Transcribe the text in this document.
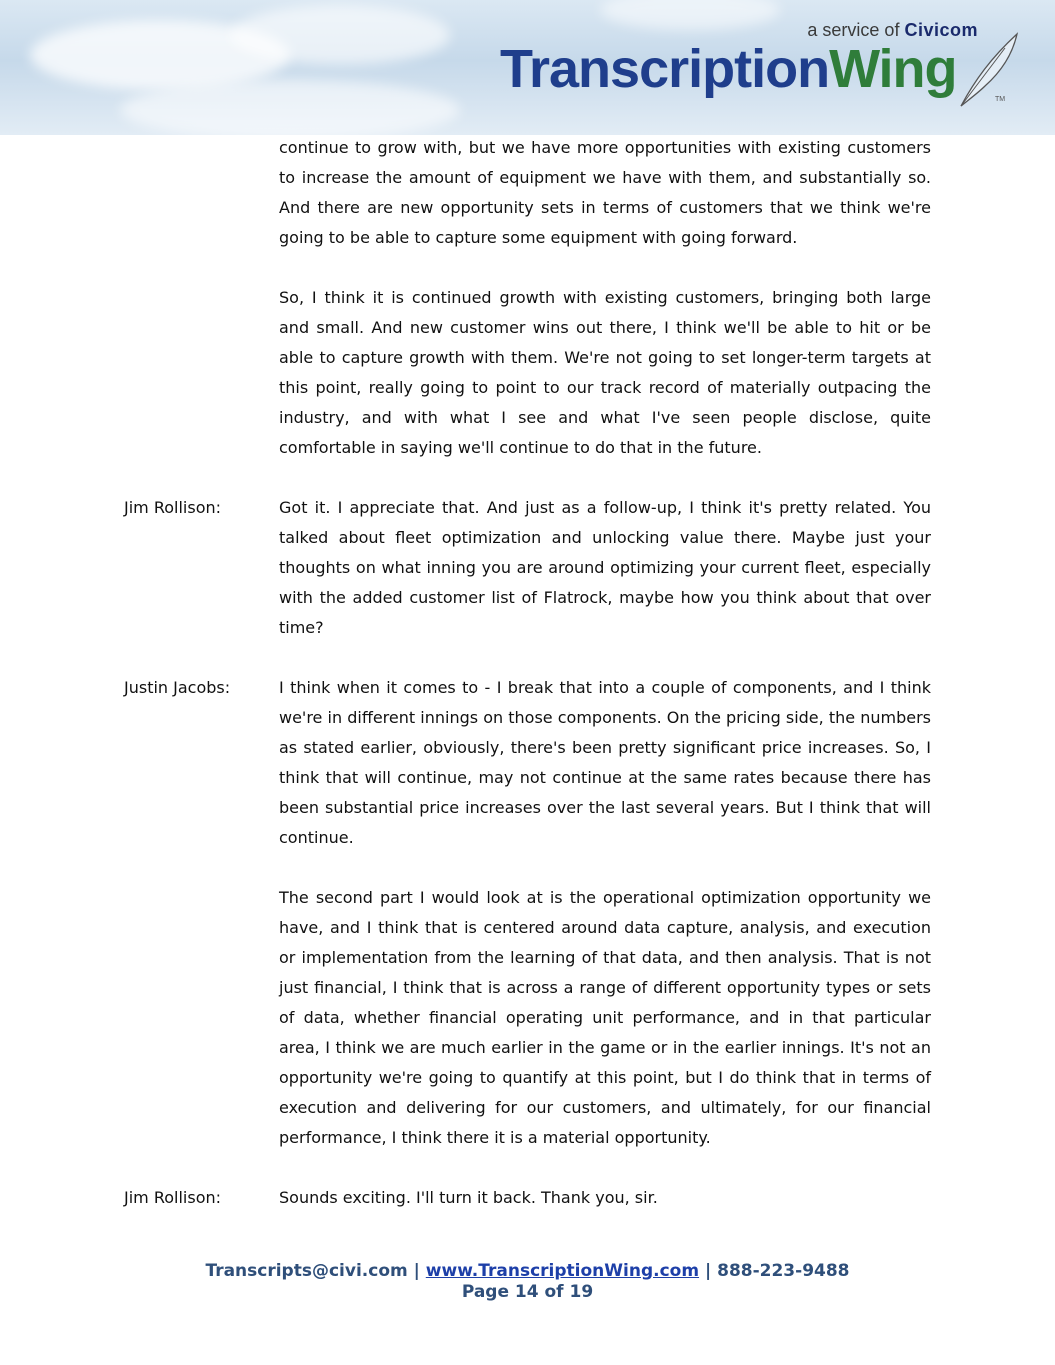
a service of Civicom
TranscriptionWing
TM

continue to grow with, but we have more opportunities with existing customers to increase the amount of equipment we have with them, and substantially so. And there are new opportunity sets in terms of customers that we think we're going to be able to capture some equipment with going forward.

So, I think it is continued growth with existing customers, bringing both large and small. And new customer wins out there, I think we'll be able to hit or be able to capture growth with them. We're not going to set longer-term targets at this point, really going to point to our track record of materially outpacing the industry, and with what I see and what I've seen people disclose, quite comfortable in saying we'll continue to do that in the future.

Jim Rollison:	Got it. I appreciate that. And just as a follow-up, I think it's pretty related. You talked about fleet optimization and unlocking value there. Maybe just your thoughts on what inning you are around optimizing your current fleet, especially with the added customer list of Flatrock, maybe how you think about that over time?

Justin Jacobs:	I think when it comes to - I break that into a couple of components, and I think we're in different innings on those components. On the pricing side, the numbers as stated earlier, obviously, there's been pretty significant price increases. So, I think that will continue, may not continue at the same rates because there has been substantial price increases over the last several years. But I think that will continue.

The second part I would look at is the operational optimization opportunity we have, and I think that is centered around data capture, analysis, and execution or implementation from the learning of that data, and then analysis. That is not just financial, I think that is across a range of different opportunity types or sets of data, whether financial operating unit performance, and in that particular area, I think we are much earlier in the game or in the earlier innings. It's not an opportunity we're going to quantify at this point, but I do think that in terms of execution and delivering for our customers, and ultimately, for our financial performance, I think there it is a material opportunity.

Jim Rollison:	Sounds exciting. I'll turn it back. Thank you, sir.

Transcripts@civi.com | www.TranscriptionWing.com | 888-223-9488
Page 14 of 19
